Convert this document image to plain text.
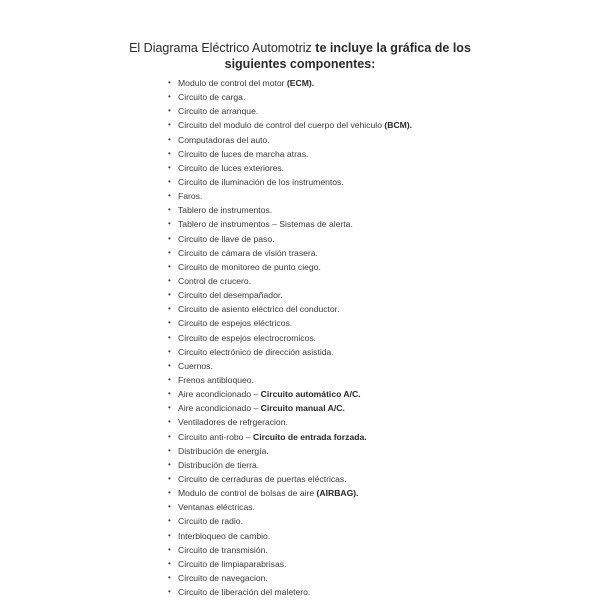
El Diagrama Eléctrico Automotriz te incluye la gráfica de los siguientes componentes:
• Modulo de control del motor (ECM).
• Circuito de carga.
• Circuito de arranque.
• Circuito del modulo de control del cuerpo del vehiculo (BCM).
• Computadoras del auto.
• Circuito de luces de marcha atras.
• Circuito de luces exteriores.
• Circuito de iluminación de los instrumentos.
• Faros.
• Tablero de instrumentos.
• Tablero de instrumentos – Sistemas de alerta.
• Circuito de llave de paso.
• Circuito de cámara de visión trasera.
• Circuito de monitoreo de punto ciego.
• Control de crucero.
• Circuito del desempañador.
• Circuito de asiento eléctrico del conductor.
• Circuito de espejos eléctricos.
• Circuito de espejos electrocromicos.
• Circuito electrónico de dirección asistida.
• Cuernos.
• Frenos antibloqueo.
• Aire acondicionado – Circuito automático A/C.
• Aire acondicionado – Circuito manual A/C.
• Ventiladores de refrgeracion.
• Circuito anti-robo – Circuito de entrada forzada.
• Distribución de energía.
• Distribución de tierra.
• Circuito de cerraduras de puertas eléctricas.
• Modulo de control de bolsas de aire (AIRBAG).
• Ventanas eléctricas.
• Circuito de radio.
• Interbloqueo de cambio.
• Circuito de transmisión.
• Circuito de limpiaparabrisas.
• Circuito de navegacion.
• Circuito de liberación del maletero.
